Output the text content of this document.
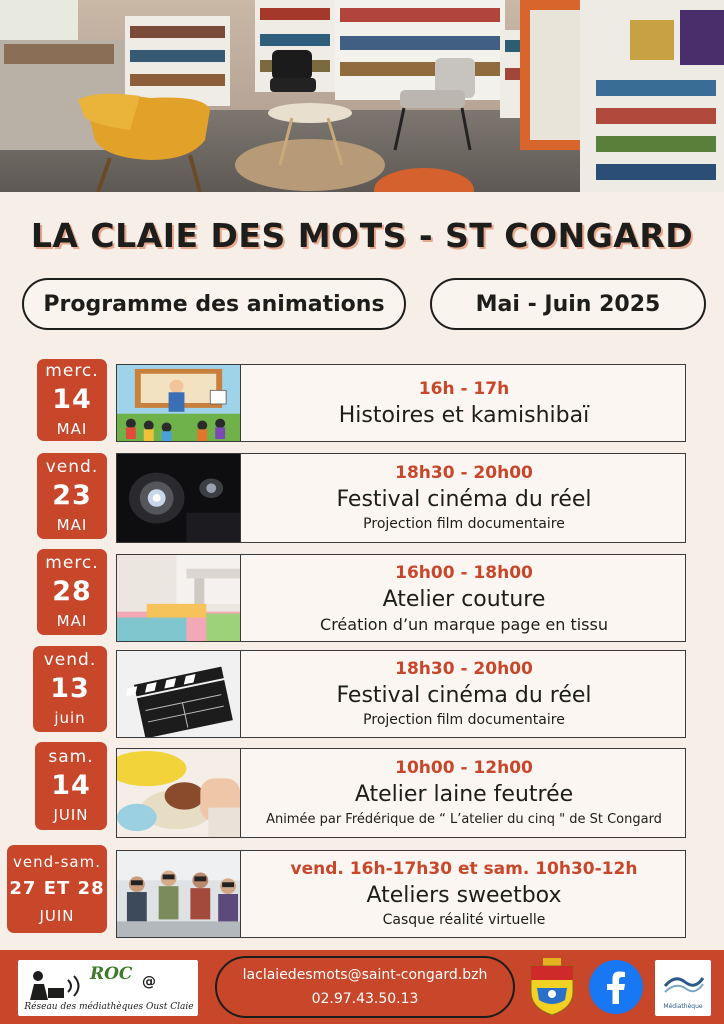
LA CLAIE DES MOTS - ST CONGARD
Programme des animations	Mai - Juin 2025
merc.
14
MAI
16h - 17h
Histoires et kamishibaï
vend.
23
MAI
18h30 - 20h00
Festival cinéma du réel
Projection film documentaire
merc.
28
MAI
16h00 - 18h00
Atelier couture
Création d’un marque page en tissu
vend.
13
juin
18h30 - 20h00
Festival cinéma du réel
Projection film documentaire
sam.
14
JUIN
10h00 - 12h00
Atelier laine feutrée
Animée par Frédérique de “ L’atelier du cinq " de St Congard
vend-sam.
27 ET 28
JUIN
vend. 16h-17h30 et sam. 10h30-12h
Ateliers sweetbox
Casque réalité virtuelle
ROC @
Réseau des médiathèques Oust Claie
laclaiedesmots@saint-congard.bzh
02.97.43.50.13	Médiathèque
